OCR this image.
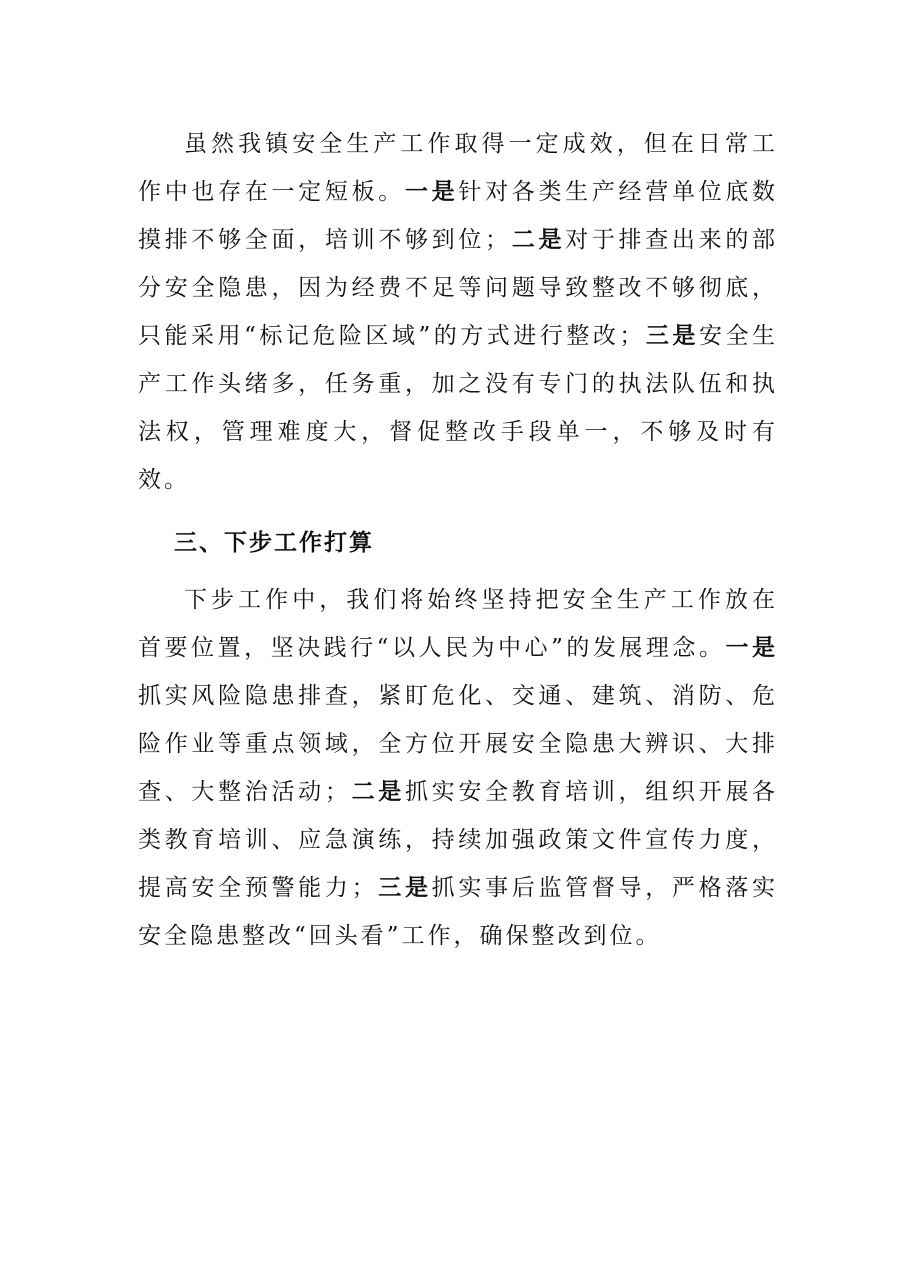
虽然我镇安全生产工作取得一定成效，但在日常工作中也存在一定短板。一是针对各类生产经营单位底数摸排不够全面，培训不够到位；二是对于排查出来的部分安全隐患，因为经费不足等问题导致整改不够彻底，只能采用“标记危险区域”的方式进行整改；三是安全生产工作头绪多，任务重，加之没有专门的执法队伍和执法权，管理难度大，督促整改手段单一，不够及时有效。

三、下步工作打算

下步工作中，我们将始终坚持把安全生产工作放在首要位置，坚决践行“以人民为中心”的发展理念。一是抓实风险隐患排查，紧盯危化、交通、建筑、消防、危险作业等重点领域，全方位开展安全隐患大辨识、大排查、大整治活动；二是抓实安全教育培训，组织开展各类教育培训、应急演练，持续加强政策文件宣传力度，提高安全预警能力；三是抓实事后监管督导，严格落实安全隐患整改“回头看”工作，确保整改到位。
